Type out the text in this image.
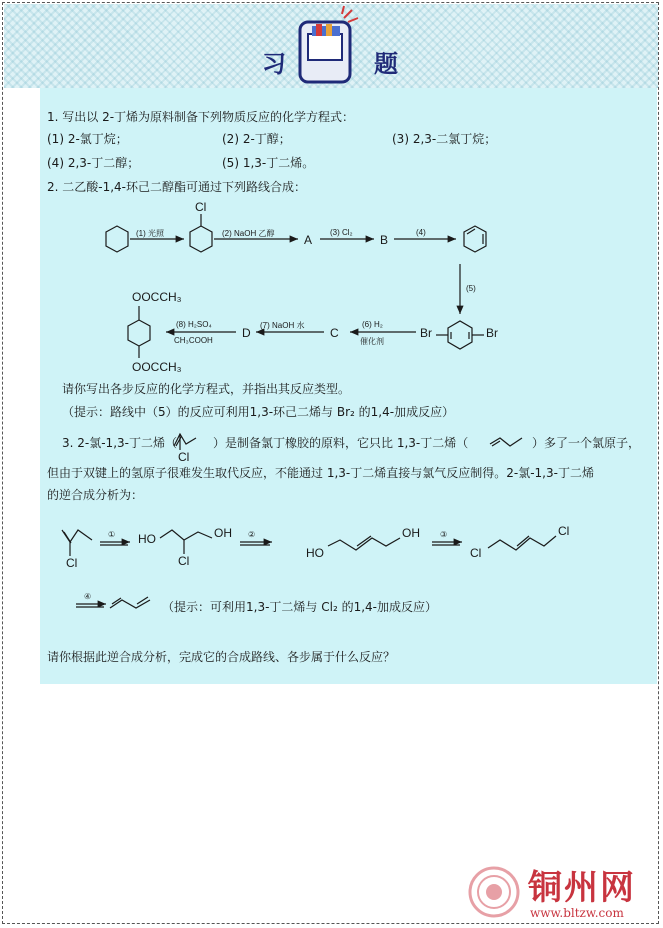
习	题
1. 写出以 2-丁烯为原料制备下列物质反应的化学方程式：
(1) 2-氯丁烷；	(2) 2-丁醇；	(3) 2,3-二氯丁烷；
(4) 2,3-丁二醇；	(5) 1,3-丁二烯。
2. 二乙酸-1,4-环己二醇酯可通过下列路线合成：
Cl
(1) 光照	(2) NaOH 乙醇 A
(3) Cl₂
B
(4)
(5)
Br	Br
(6) H₂
催化剂
C
(7) NaOH 水
D
(8) H₂SO₄
CH₃COOH
OOCCH₃
OOCCH₃
请你写出各步反应的化学方程式，并指出其反应类型。
（提示：路线中（5）的反应可利用1,3-环己二烯与 Br₂ 的1,4-加成反应）
3. 2-氯-1,3-丁二烯（
Cl
）是制备氯丁橡胶的原料，它只比 1,3-丁二烯（	）多了一个氯原子，
但由于双键上的氢原子很难发生取代反应，不能通过 1,3-丁二烯直接与氯气反应制得。2-氯-1,3-丁二烯
的逆合成分析为：
Cl
① HO	OH
Cl
②
HO
OH	③
Cl
Cl
④
（提示：可利用1,3-丁二烯与 Cl₂ 的1,4-加成反应）
请你根据此逆合成分析，完成它的合成路线、各步属于什么反应？
铜州网
www.bltzw.com
